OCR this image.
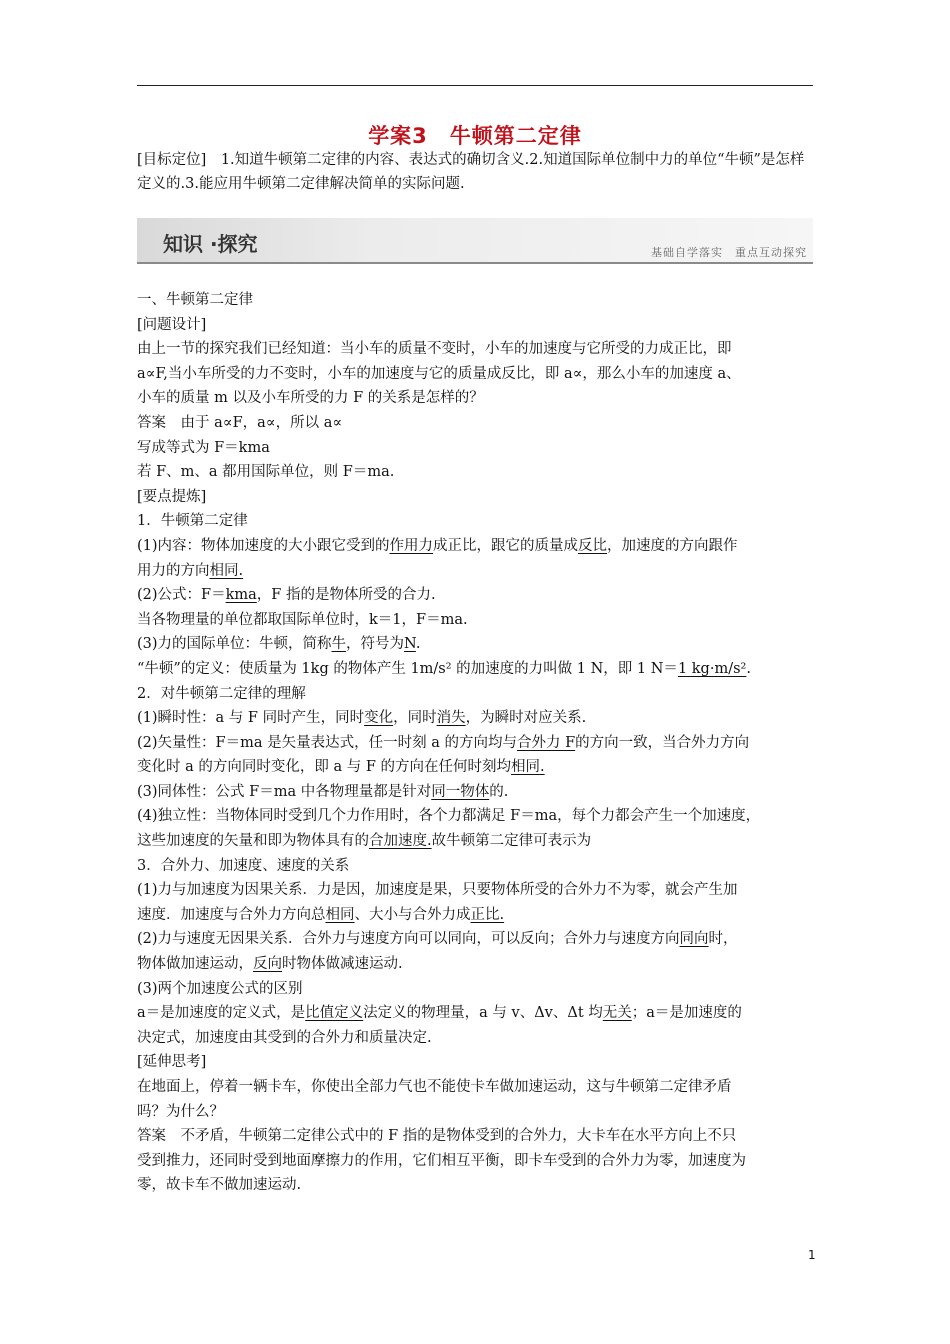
学案3　牛顿第二定律
[目标定位]　1.知道牛顿第二定律的内容、表达式的确切含义.2.知道国际单位制中力的单位“牛顿”是怎样定义的.3.能应用牛顿第二定律解决简单的实际问题.
知识 ·探究	基础自学落实　重点互动探究

一、牛顿第二定律

[问题设计]

由上一节的探究我们已经知道：当小车的质量不变时，小车的加速度与它所受的力成正比，即

a∝F,当小车所受的力不变时，小车的加速度与它的质量成反比，即 a∝，那么小车的加速度 a、

小车的质量 m 以及小车所受的力 F 的关系是怎样的？

答案　由于 a∝F，a∝，所以 a∝

写成等式为 F＝kma

若 F、m、a 都用国际单位，则 F＝ma.

[要点提炼]

1．牛顿第二定律

(1)内容：物体加速度的大小跟它受到的作用力成正比，跟它的质量成反比，加速度的方向跟作

用力的方向相同.

(2)公式：F＝kma，F 指的是物体所受的合力.

当各物理量的单位都取国际单位时，k＝1，F＝ma.

(3)力的国际单位：牛顿，简称牛，符号为N.

“牛顿”的定义：使质量为 1kg 的物体产生 1m/s² 的加速度的力叫做 1 N，即 1 N＝1 kg·m/s².

2．对牛顿第二定律的理解

(1)瞬时性：a 与 F 同时产生，同时变化，同时消失，为瞬时对应关系.

(2)矢量性：F＝ma 是矢量表达式，任一时刻 a 的方向均与合外力 F的方向一致，当合外力方向

变化时 a 的方向同时变化，即 a 与 F 的方向在任何时刻均相同.

(3)同体性：公式 F＝ma 中各物理量都是针对同一物体的.

(4)独立性：当物体同时受到几个力作用时，各个力都满足 F＝ma，每个力都会产生一个加速度，

这些加速度的矢量和即为物体具有的合加速度.故牛顿第二定律可表示为

3．合外力、加速度、速度的关系

(1)力与加速度为因果关系．力是因，加速度是果，只要物体所受的合外力不为零，就会产生加

速度．加速度与合外力方向总相同、大小与合外力成正比.

(2)力与速度无因果关系．合外力与速度方向可以同向，可以反向；合外力与速度方向同向时，

物体做加速运动，反向时物体做减速运动.

(3)两个加速度公式的区别

a＝是加速度的定义式，是比值定义法定义的物理量，a 与 v、Δv、Δt 均无关；a＝是加速度的

决定式，加速度由其受到的合外力和质量决定.

[延伸思考]

在地面上，停着一辆卡车，你使出全部力气也不能使卡车做加速运动，这与牛顿第二定律矛盾

吗？为什么？

答案　不矛盾，牛顿第二定律公式中的 F 指的是物体受到的合外力，大卡车在水平方向上不只

受到推力，还同时受到地面摩擦力的作用，它们相互平衡，即卡车受到的合外力为零，加速度为

零，故卡车不做加速运动.

1
